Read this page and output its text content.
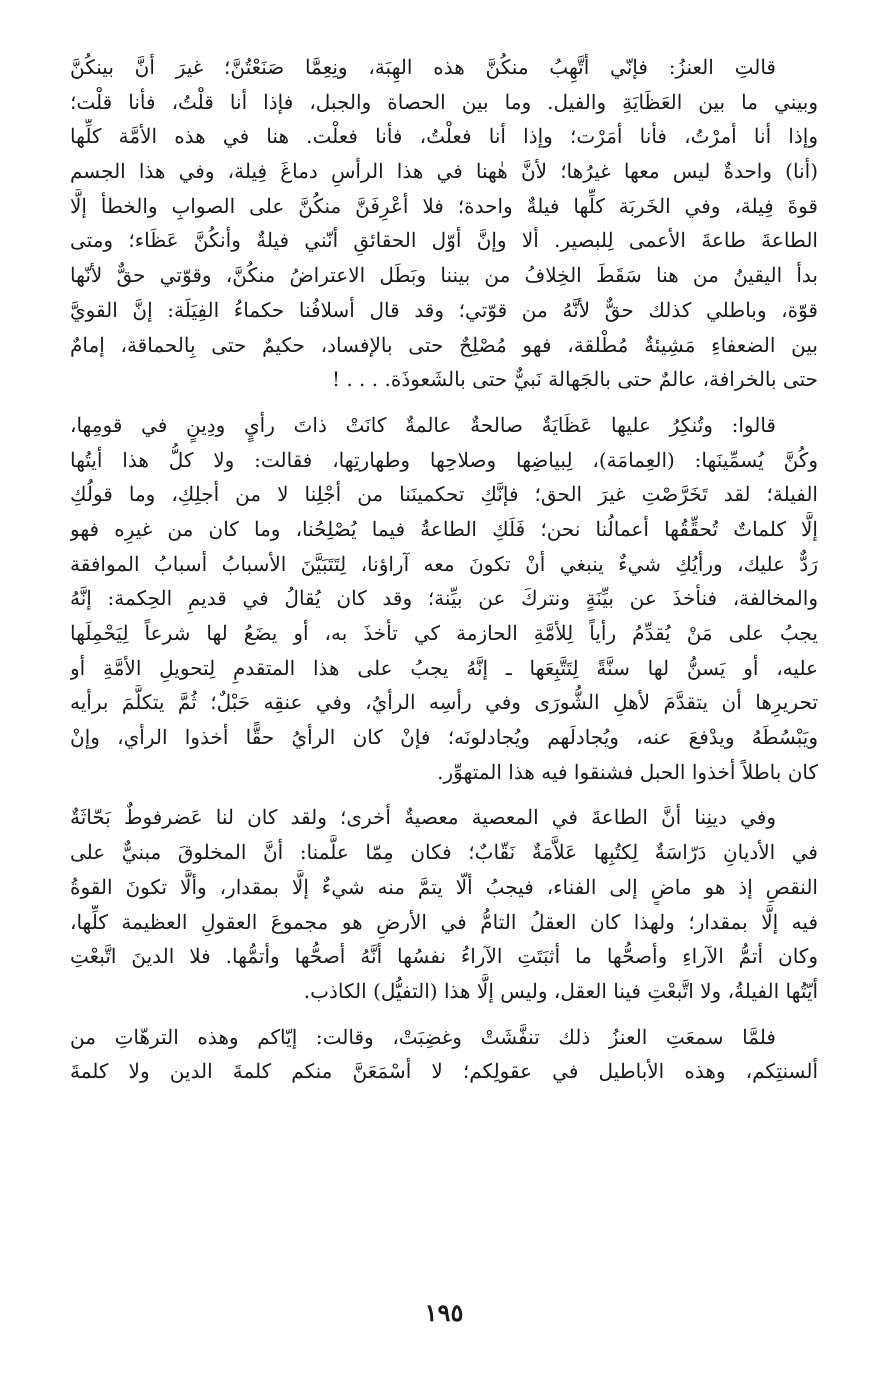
قالتِ العنزُ: فإنّي أتَّهِبُ منكُنَّ هذه الهِبَة، ونِعِمَّا صَنَعْتُنَّ؛ غيرَ أنَّ بينكُنَّ
وبيني ما بين العَظَايَةِ والفيل. وما بين الحصاة والجبل، فإذا أنا قلْتُ، فأنا قلْت؛
وإذا أنا أمرْتُ، فأنا أمَرْت؛ وإذا أنا فعلْتُ، فأنا فعلْت. هنا في هذه الأمَّة كلِّها
(أنا) واحدةٌ ليس معها غيرُها؛ لأنَّ هٰهنا في هذا الرأسِ دماغَ فِيلة، وفي هذا الجسم
قوةَ فِيلة، وفي الخَربَة كلِّها فيلةٌ واحدة؛ فلا أعْرِفَنَّ منكُنَّ على الصوابِ والخطأ إلَّا
الطاعةَ طاعةَ الأعمى لِلبصير. ألا وإنَّ أوّل الحقائقِ أنّني فيلةٌ وأنكُنَّ عَظَاء؛ ومتى
بدأ اليقينُ من هنا سَقَطَ الخِلافُ من بيننا وبَطَل الاعتراضُ منكُنَّ، وقوّتي حقٌّ لأنّها
قوّة، وباطلي كذلك حقٌّ لأنَّهُ من قوّتي؛ وقد قال أسلافُنا حكماءُ الفِيَلَة: إنَّ القويَّ
بين الضعفاءِ مَشِيئةٌ مُطْلقة، فهو مُصْلِحٌ حتى بالإفساد، حكيمٌ حتى بِالحماقة، إمامٌ
حتى بالخرافة، عالمٌ حتى بالجَهالة نَبيٌّ حتى بالشَعوذَة. . . . !
قالوا: وتُنكِرُ عليها عَظَايَةٌ صالحةٌ عالمةٌ كانَتْ ذاتَ رأيٍ ودِينٍ في قومِها،
وكُنَّ يُسمِّينَها: (العِمامَة)، لِبياضِها وصلاحِها وطهارتِها، فقالت: ولا كلُّ هذا أيتُها
الفيلة؛ لقد تَخَرَّصْتِ غيرَ الحق؛ فإنَّكِ تحكمينَنا من أجْلِنا لا من أجلِكِ، وما قولُكِ
إلَّا كلماتٌ تُحقِّقُها أعمالُنا نحن؛ فَلَكِ الطاعةُ فيما يُصْلِحُنا، وما كان من غيرِه فهو
رَدٌّ عليك، ورأيُكِ شيءٌ ينبغي أنْ تكونَ معه آراؤنا، لِتَتَبَيَّنَ الأسبابُ أسبابُ الموافقة
والمخالفة، فنأخذَ عن بيِّنَةٍ ونتركَ عن بيِّنة؛ وقد كان يُقالُ في قديمِ الحِكمة: إنَّهُ
يجبُ على مَنْ يُقدِّمُ رأياً لِلأمَّةِ الحازمة كي تأخذَ به، أو يضَعُ لها شرعاً لِيَحْمِلَها
عليه، أو يَسنُّ لها سنَّةً لِتَتَّبِعَها ـ إنَّهُ يجبُ على هذا المتقدمِ لِتحويلِ الأمَّةِ أو
تحريرِها أن يتقدَّمَ لأهلِ الشُّورَى وفي رأسِه الرأيُ، وفي عنقِه حَبْلٌ؛ ثُمَّ يتكلَّمَ برأيه
ويَبْسُطَهُ ويدْفعَ عنه، ويُجادلَهم ويُجادلونَه؛ فإنْ كان الرأيُ حقًّا أخذوا الرأي، وإنْ
كان باطلاً أخذوا الحبل فشنقوا فيه هذا المتهوِّر.
وفي دينِنا أنَّ الطاعةَ في المعصية معصيةٌ أخرى؛ ولقد كان لنا عَضرفوطٌ بَحّاثَةٌ
في الأديانِ دَرّاسَةٌ لِكتُبِها عَلاَّمَةٌ نَقّابٌ؛ فكان مِمّا علَّمنا: أنَّ المخلوقَ مبنيٌّ على
النقصِ إذ هو ماضٍ إلى الفناء، فيجبُ ألّا يتمَّ منه شيءٌ إلَّا بمقدار، وألَّا تكونَ القوةُ
فيه إلَّا بمقدار؛ ولهذا كان العقلُ التامُّ في الأرضِ هو مجموعَ العقولِ العظيمة كلِّها،
وكان أتمُّ الآراءِ وأصحُّها ما أثبَتَتِ الآراءُ نفسُها أنَّهُ أصحُّها وأتمُّها. فلا الدينَ اتَّبعْتِ
أيّتُها الفيلةُ، ولا اتَّبعْتِ فينا العقل، وليس إلَّا هذا (التفيُّل) الكاذب.
فلمَّا سمعَتِ العنزُ ذلك تنفَّشَتْ وغضِبَتْ، وقالت: إيّاكم وهذه الترهّاتِ من
ألسنتِكم، وهذه الأباطيل في عقولِكم؛ لا أسْمَعَنَّ منكم كلمةَ الدين ولا كلمةَ
١٩٥
